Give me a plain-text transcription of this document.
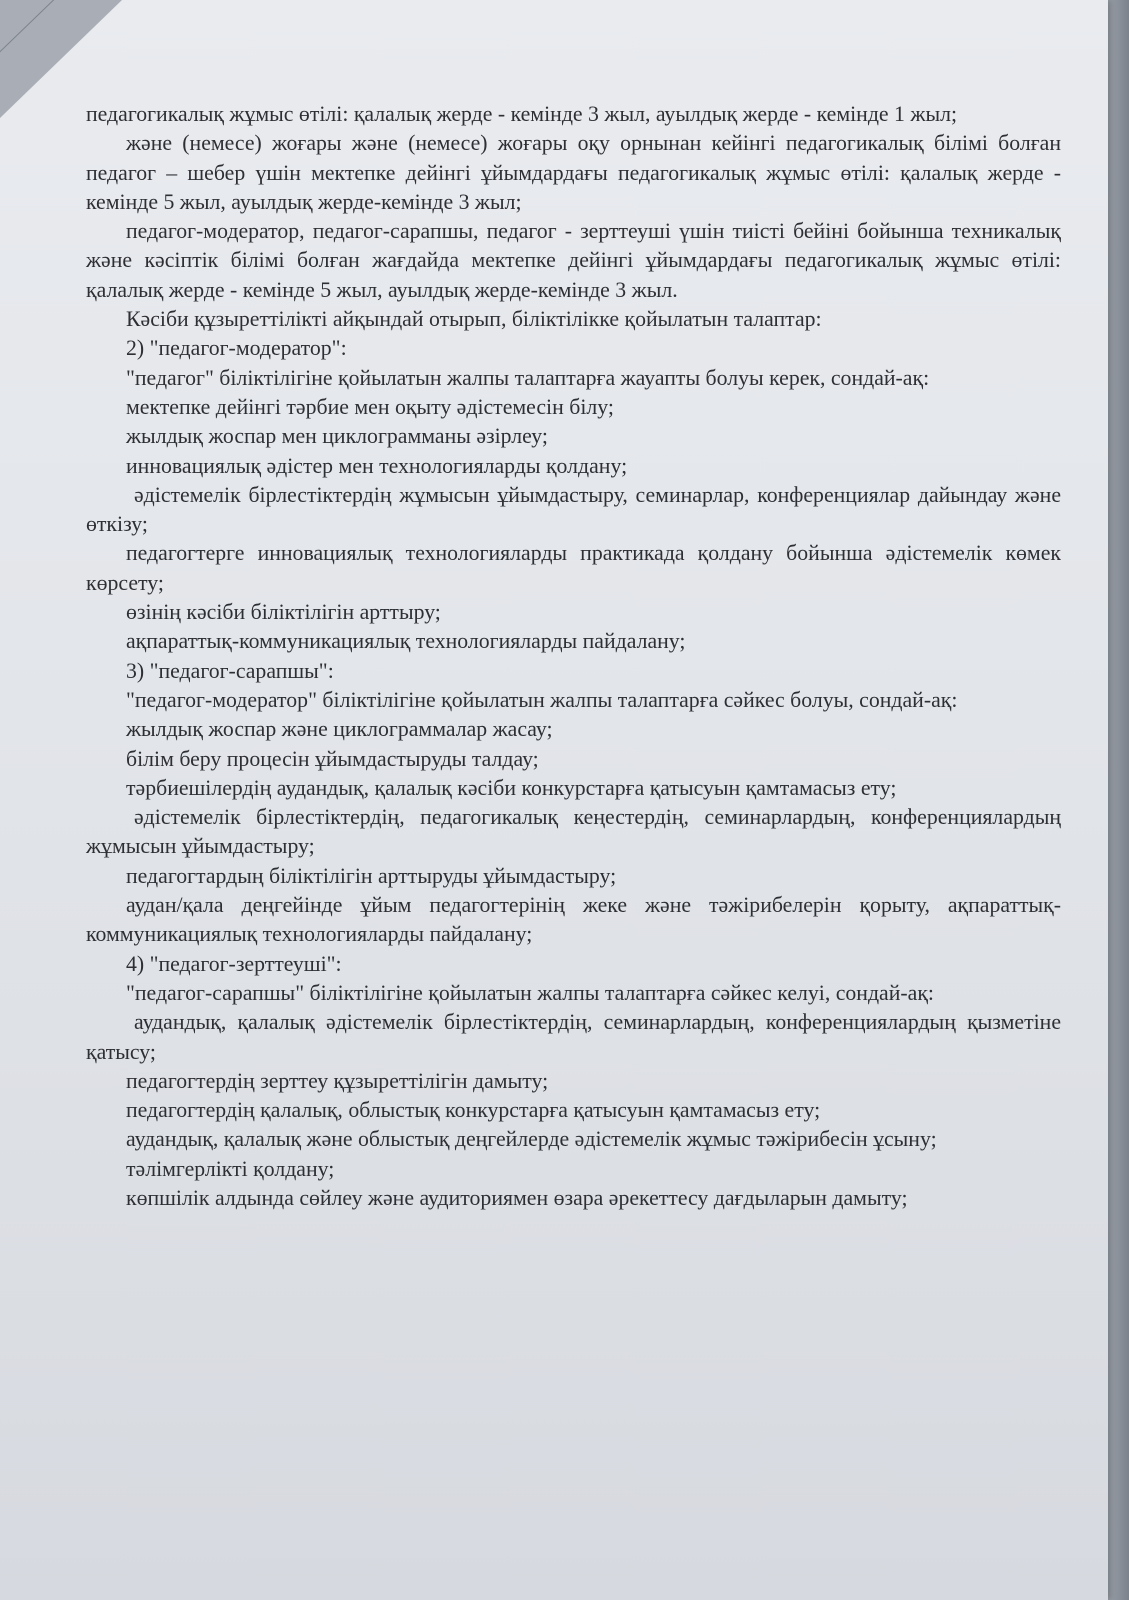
педагогикалық жұмыс өтілі: қалалық жерде - кемінде 3 жыл, ауылдық жерде - кемінде 1 жыл;

және (немесе) жоғары және (немесе) жоғары оқу орнынан кейінгі педагогикалық білімі болған педагог – шебер үшін мектепке дейінгі ұйымдардағы педагогикалық жұмыс өтілі: қалалық жерде - кемінде 5 жыл, ауылдық жерде-кемінде 3 жыл;

педагог-модератор, педагог-сарапшы, педагог - зерттеуші үшін тиісті бейіні бойынша техникалық және кәсіптік білімі болған жағдайда мектепке дейінгі ұйымдардағы педагогикалық жұмыс өтілі: қалалық жерде - кемінде 5 жыл, ауылдық жерде-кемінде 3 жыл.

Кәсіби құзыреттілікті айқындай отырып, біліктілікке қойылатын талаптар:

2) "педагог-модератор":

"педагог" біліктілігіне қойылатын жалпы талаптарға жауапты болуы керек, сондай-ақ:

мектепке дейінгі тәрбие мен оқыту әдістемесін білу;

жылдық жоспар мен циклограмманы әзірлеу;

инновациялық әдістер мен технологияларды қолдану;

әдістемелік бірлестіктердің жұмысын ұйымдастыру, семинарлар, конференциялар дайындау және өткізу;

педагогтерге инновациялық технологияларды практикада қолдану бойынша әдістемелік көмек көрсету;

өзінің кәсіби біліктілігін арттыру;

ақпараттық-коммуникациялық технологияларды пайдалану;

3) "педагог-сарапшы":

"педагог-модератор" біліктілігіне қойылатын жалпы талаптарға сәйкес болуы, сондай-ақ:

жылдық жоспар және циклограммалар жасау;

білім беру процесін ұйымдастыруды талдау;

тәрбиешілердің аудандық, қалалық кәсіби конкурстарға қатысуын қамтамасыз ету;

әдістемелік бірлестіктердің, педагогикалық кеңестердің, семинарлардың, конференциялардың жұмысын ұйымдастыру;

педагогтардың біліктілігін арттыруды ұйымдастыру;

аудан/қала деңгейінде ұйым педагогтерінің жеке және тәжірибелерін қорыту, ақпараттық-коммуникациялық технологияларды пайдалану;

4) "педагог-зерттеуші":

"педагог-сарапшы" біліктілігіне қойылатын жалпы талаптарға сәйкес келуі, сондай-ақ:

аудандық, қалалық әдістемелік бірлестіктердің, семинарлардың, конференциялардың қызметіне қатысу;

педагогтердің зерттеу құзыреттілігін дамыту;

педагогтердің қалалық, облыстық конкурстарға қатысуын қамтамасыз ету;

аудандық, қалалық және облыстық деңгейлерде әдістемелік жұмыс тәжірибесін ұсыну;

тәлімгерлікті қолдану;

көпшілік алдында сөйлеу және аудиториямен өзара әрекеттесу дағдыларын дамыту;
